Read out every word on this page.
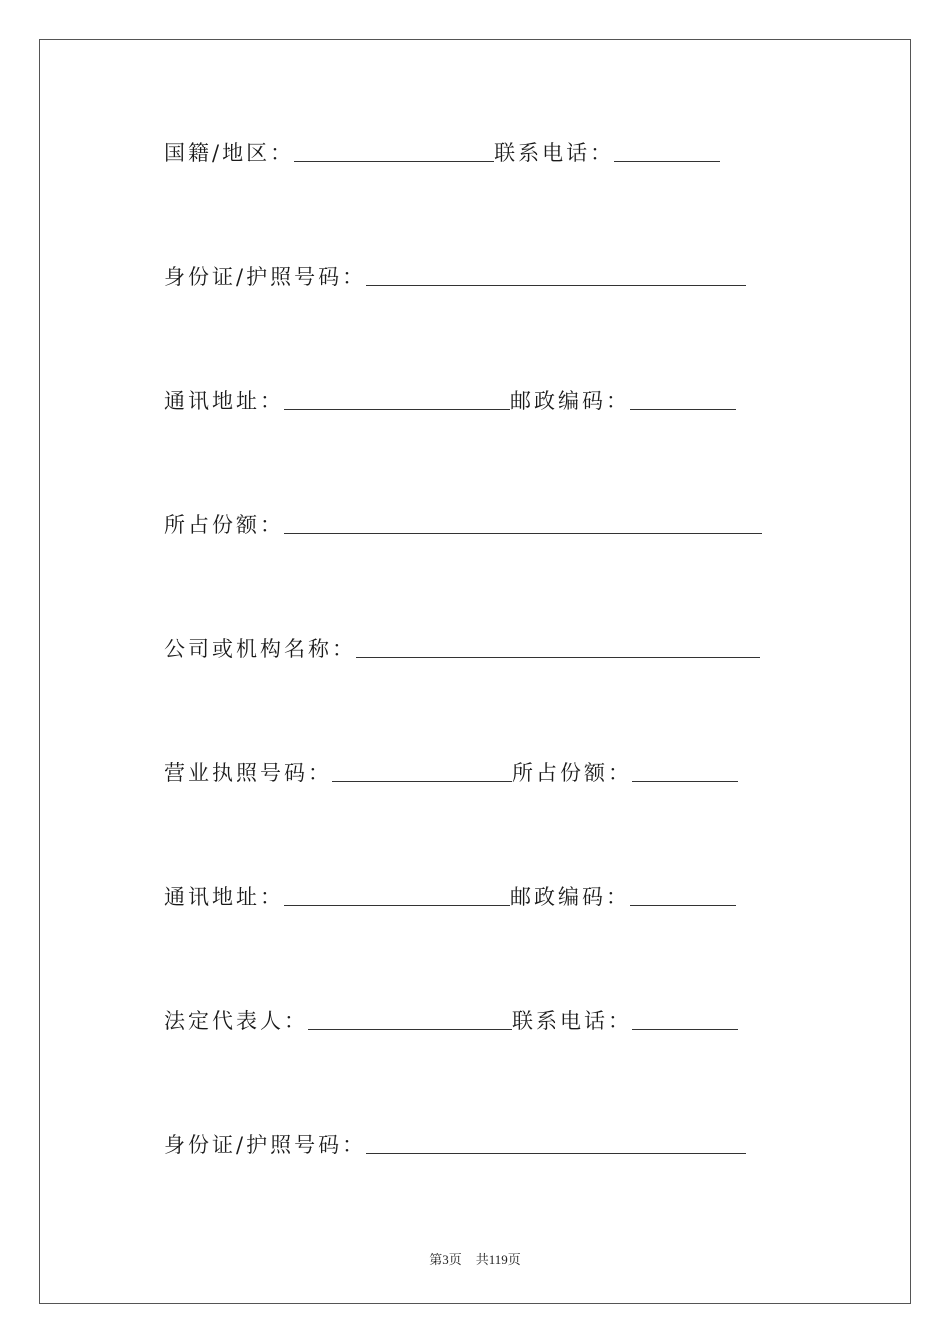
国籍/地区：	联系电话：
身份证/护照号码：
通讯地址：	邮政编码：
所占份额：
公司或机构名称：
营业执照号码：	所占份额：
通讯地址：	邮政编码：
法定代表人：	联系电话：
身份证/护照号码：
第3页 共119页
